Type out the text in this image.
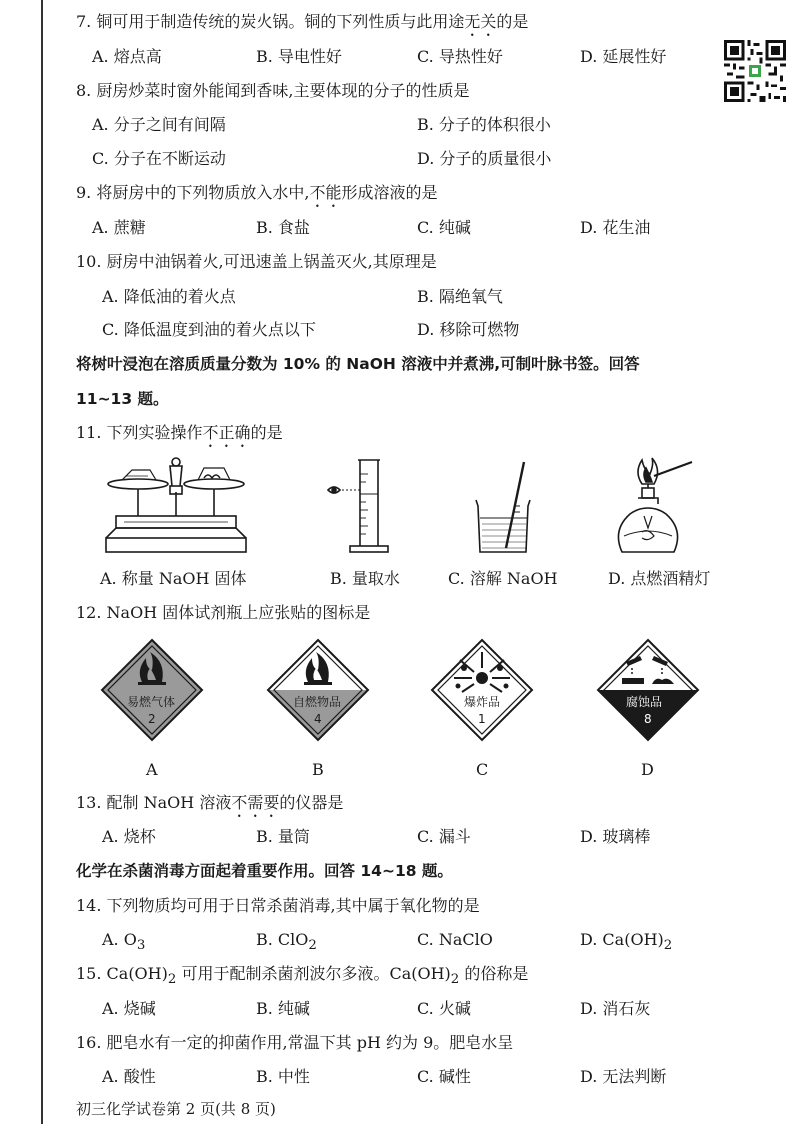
7. 铜可用于制造传统的炭火锅。铜的下列性质与此用途无关的是
A. 熔点高	B. 导电性好	C. 导热性好	D. 延展性好
8. 厨房炒菜时窗外能闻到香味,主要体现的分子的性质是
A. 分子之间有间隔	B. 分子的体积很小
C. 分子在不断运动	D. 分子的质量很小
9. 将厨房中的下列物质放入水中,不能形成溶液的是
A. 蔗糖	B. 食盐	C. 纯碱	D. 花生油
10. 厨房中油锅着火,可迅速盖上锅盖灭火,其原理是
A. 降低油的着火点	B. 隔绝氧气
C. 降低温度到油的着火点以下	D. 移除可燃物
将树叶浸泡在溶质质量分数为 10% 的 NaOH 溶液中并煮沸,可制叶脉书签。回答
11~13 题。
11. 下列实验操作不正确的是
A. 称量 NaOH 固体	B. 量取水	C. 溶解 NaOH	D. 点燃酒精灯
12. NaOH 固体试剂瓶上应张贴的图标是
易燃气体
2
自燃物品
4
爆炸品
1
腐蚀品
8
A	B	C	D
13. 配制 NaOH 溶液不需要的仪器是
A. 烧杯	B. 量筒	C. 漏斗	D. 玻璃棒
化学在杀菌消毒方面起着重要作用。回答 14~18 题。
14. 下列物质均可用于日常杀菌消毒,其中属于氧化物的是
A. $O_3$	B. ClO$_2$	C. NaClO	D. $Ca(OH)_2$
15. $Ca(OH)_2$ 可用于配制杀菌剂波尔多液。$Ca(OH)_2$ 的俗称是
A. 烧碱	B. 纯碱	C. 火碱	D. 消石灰
16. 肥皂水有一定的抑菌作用,常温下其 pH 约为 9。肥皂水呈
A. 酸性	B. 中性	C. 碱性	D. 无法判断
初三化学试卷第 2 页(共 8 页)
